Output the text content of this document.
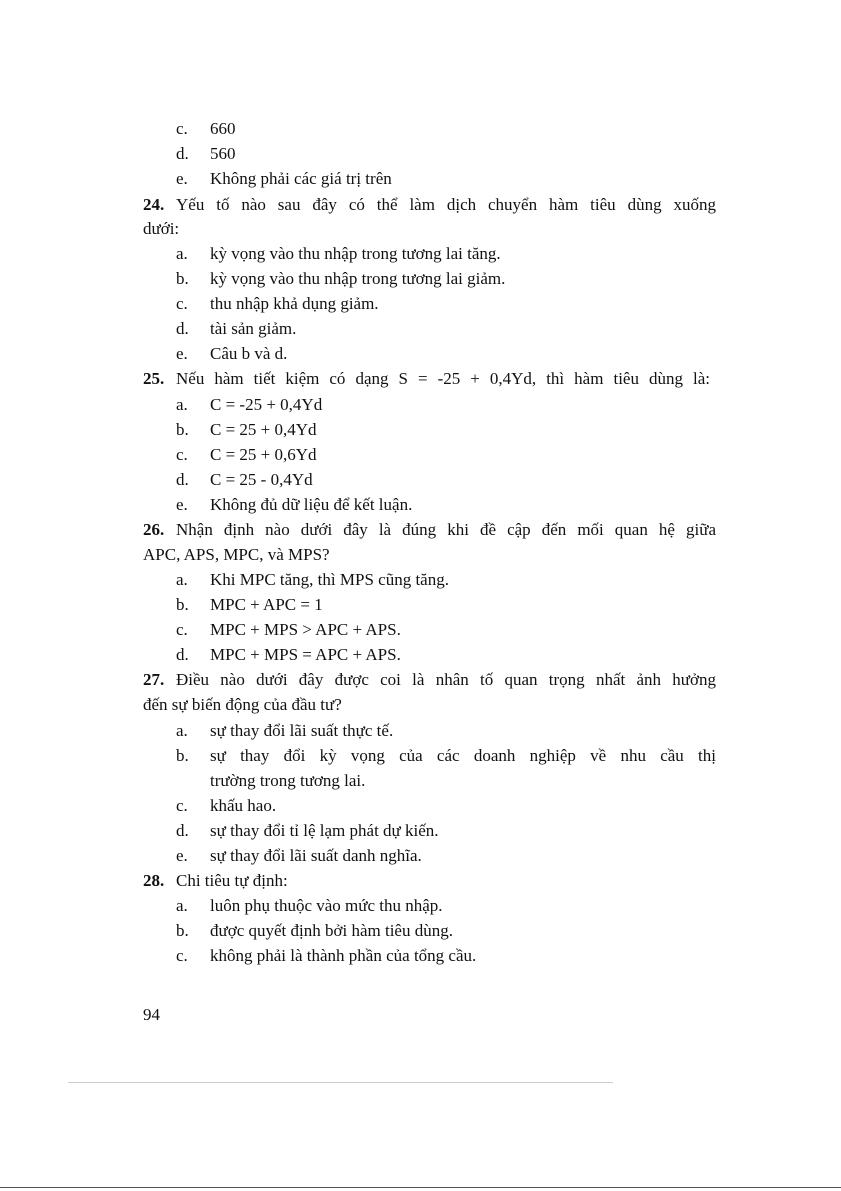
c. 660
d. 560
e. Không phải các giá trị trên
24. Yếu tố nào sau đây có thể làm dịch chuyển hàm tiêu dùng xuống
dưới:
a. kỳ vọng vào thu nhập trong tương lai tăng.
b. kỳ vọng vào thu nhập trong tương lai giảm.
c. thu nhập khả dụng giảm.
d. tài sản giảm.
e. Câu b và d.
25. Nếu hàm tiết kiệm có dạng S = -25 + 0,4Yd, thì hàm tiêu dùng là:
a. C = -25 + 0,4Yd
b. C = 25 + 0,4Yd
c. C = 25 + 0,6Yd
d. C = 25 - 0,4Yd
e. Không đủ dữ liệu để kết luận.
26. Nhận định nào dưới đây là đúng khi đề cập đến mối quan hệ giữa
APC, APS, MPC, và MPS?
a. Khi MPC tăng, thì MPS cũng tăng.
b. MPC + APC = 1
c. MPC + MPS > APC + APS.
d. MPC + MPS = APC + APS.
27. Điều nào dưới đây được coi là nhân tố quan trọng nhất ảnh hưởng
đến sự biến động của đầu tư?
a. sự thay đổi lãi suất thực tế.
b. sự thay đổi kỳ vọng của các doanh nghiệp về nhu cầu thị
trường trong tương lai.
c. khấu hao.
d. sự thay đổi tỉ lệ lạm phát dự kiến.
e. sự thay đổi lãi suất danh nghĩa.
28. Chi tiêu tự định:
a. luôn phụ thuộc vào mức thu nhập.
b. được quyết định bởi hàm tiêu dùng.
c. không phải là thành phần của tổng cầu.
94
